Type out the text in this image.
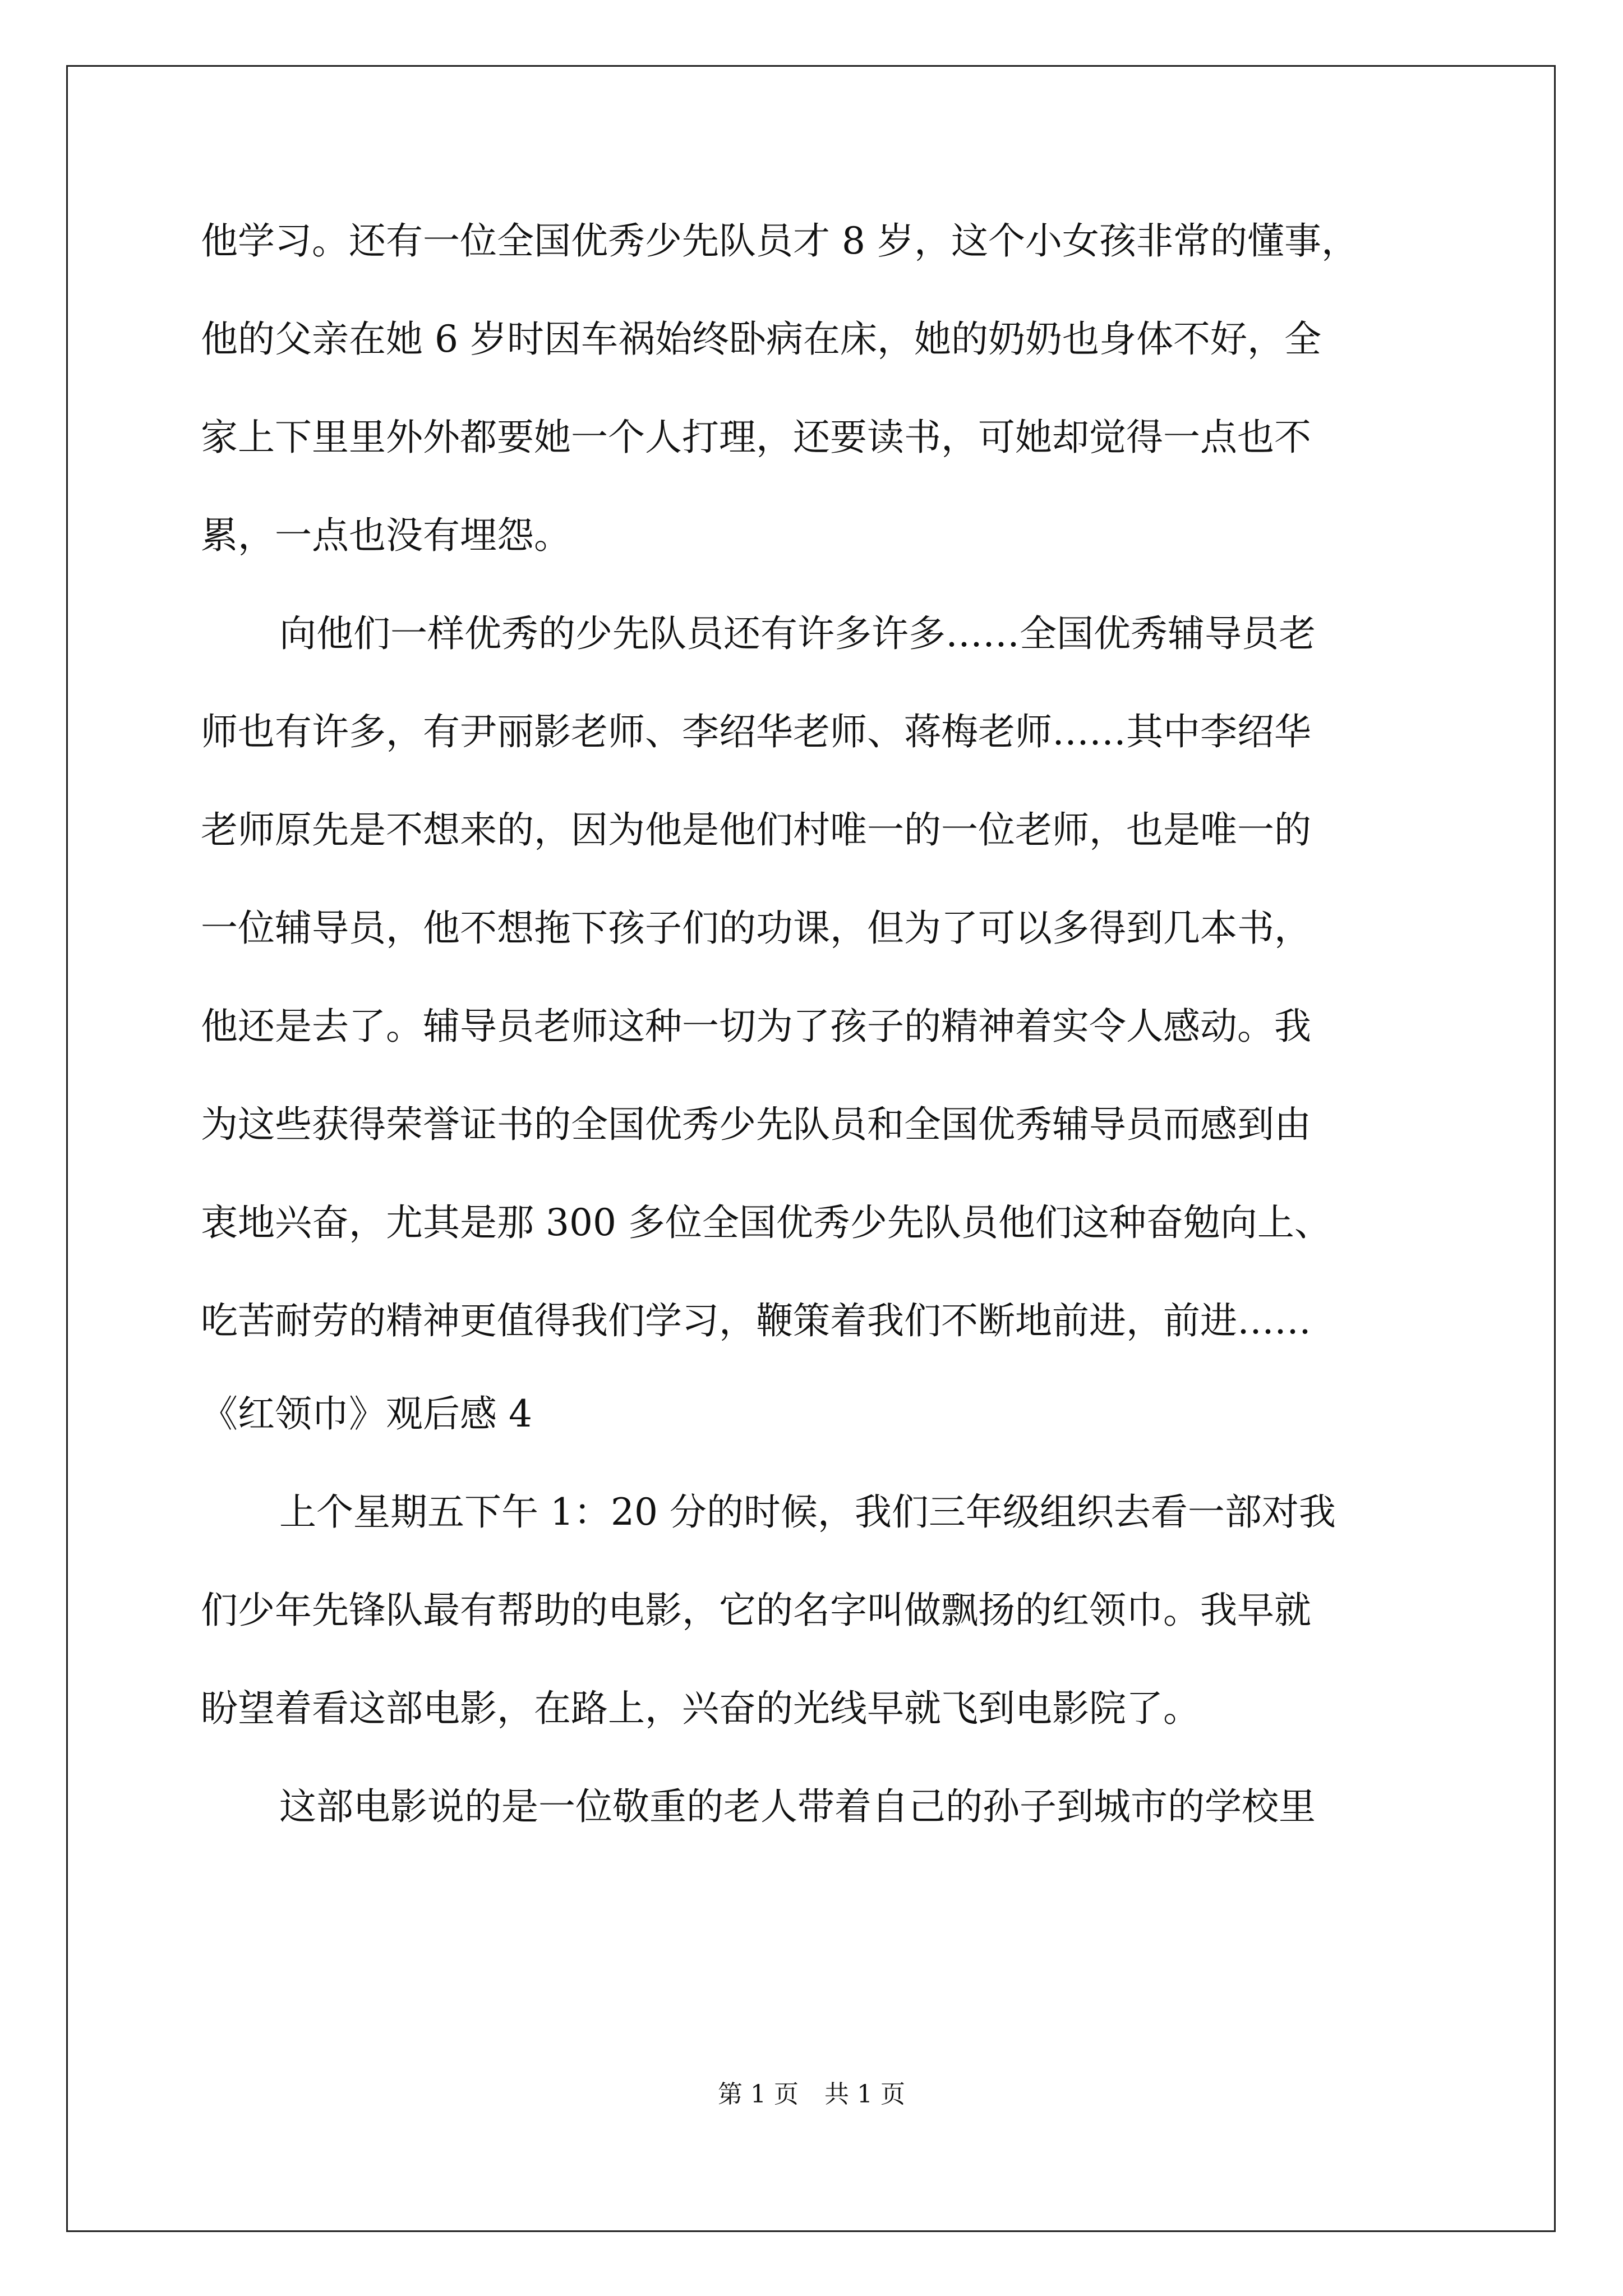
他学习。还有一位全国优秀少先队员才 8 岁，这个小女孩非常的懂事，
他的父亲在她 6 岁时因车祸始终卧病在床，她的奶奶也身体不好，全
家上下里里外外都要她一个人打理，还要读书，可她却觉得一点也不
累，一点也没有埋怨。
向他们一样优秀的少先队员还有许多许多……全国优秀辅导员老
师也有许多，有尹丽影老师、李绍华老师、蒋梅老师……其中李绍华
老师原先是不想来的，因为他是他们村唯一的一位老师，也是唯一的
一位辅导员，他不想拖下孩子们的功课，但为了可以多得到几本书，
他还是去了。辅导员老师这种一切为了孩子的精神着实令人感动。我
为这些获得荣誉证书的全国优秀少先队员和全国优秀辅导员而感到由
衷地兴奋，尤其是那 300 多位全国优秀少先队员他们这种奋勉向上、
吃苦耐劳的精神更值得我们学习，鞭策着我们不断地前进，前进……
《红领巾》观后感 4
上个星期五下午 1：20 分的时候，我们三年级组织去看一部对我
们少年先锋队最有帮助的电影，它的名字叫做飘扬的红领巾。我早就
盼望着看这部电影，在路上，兴奋的光线早就飞到电影院了。
这部电影说的是一位敬重的老人带着自己的孙子到城市的学校里
第 1 页 共 1 页
